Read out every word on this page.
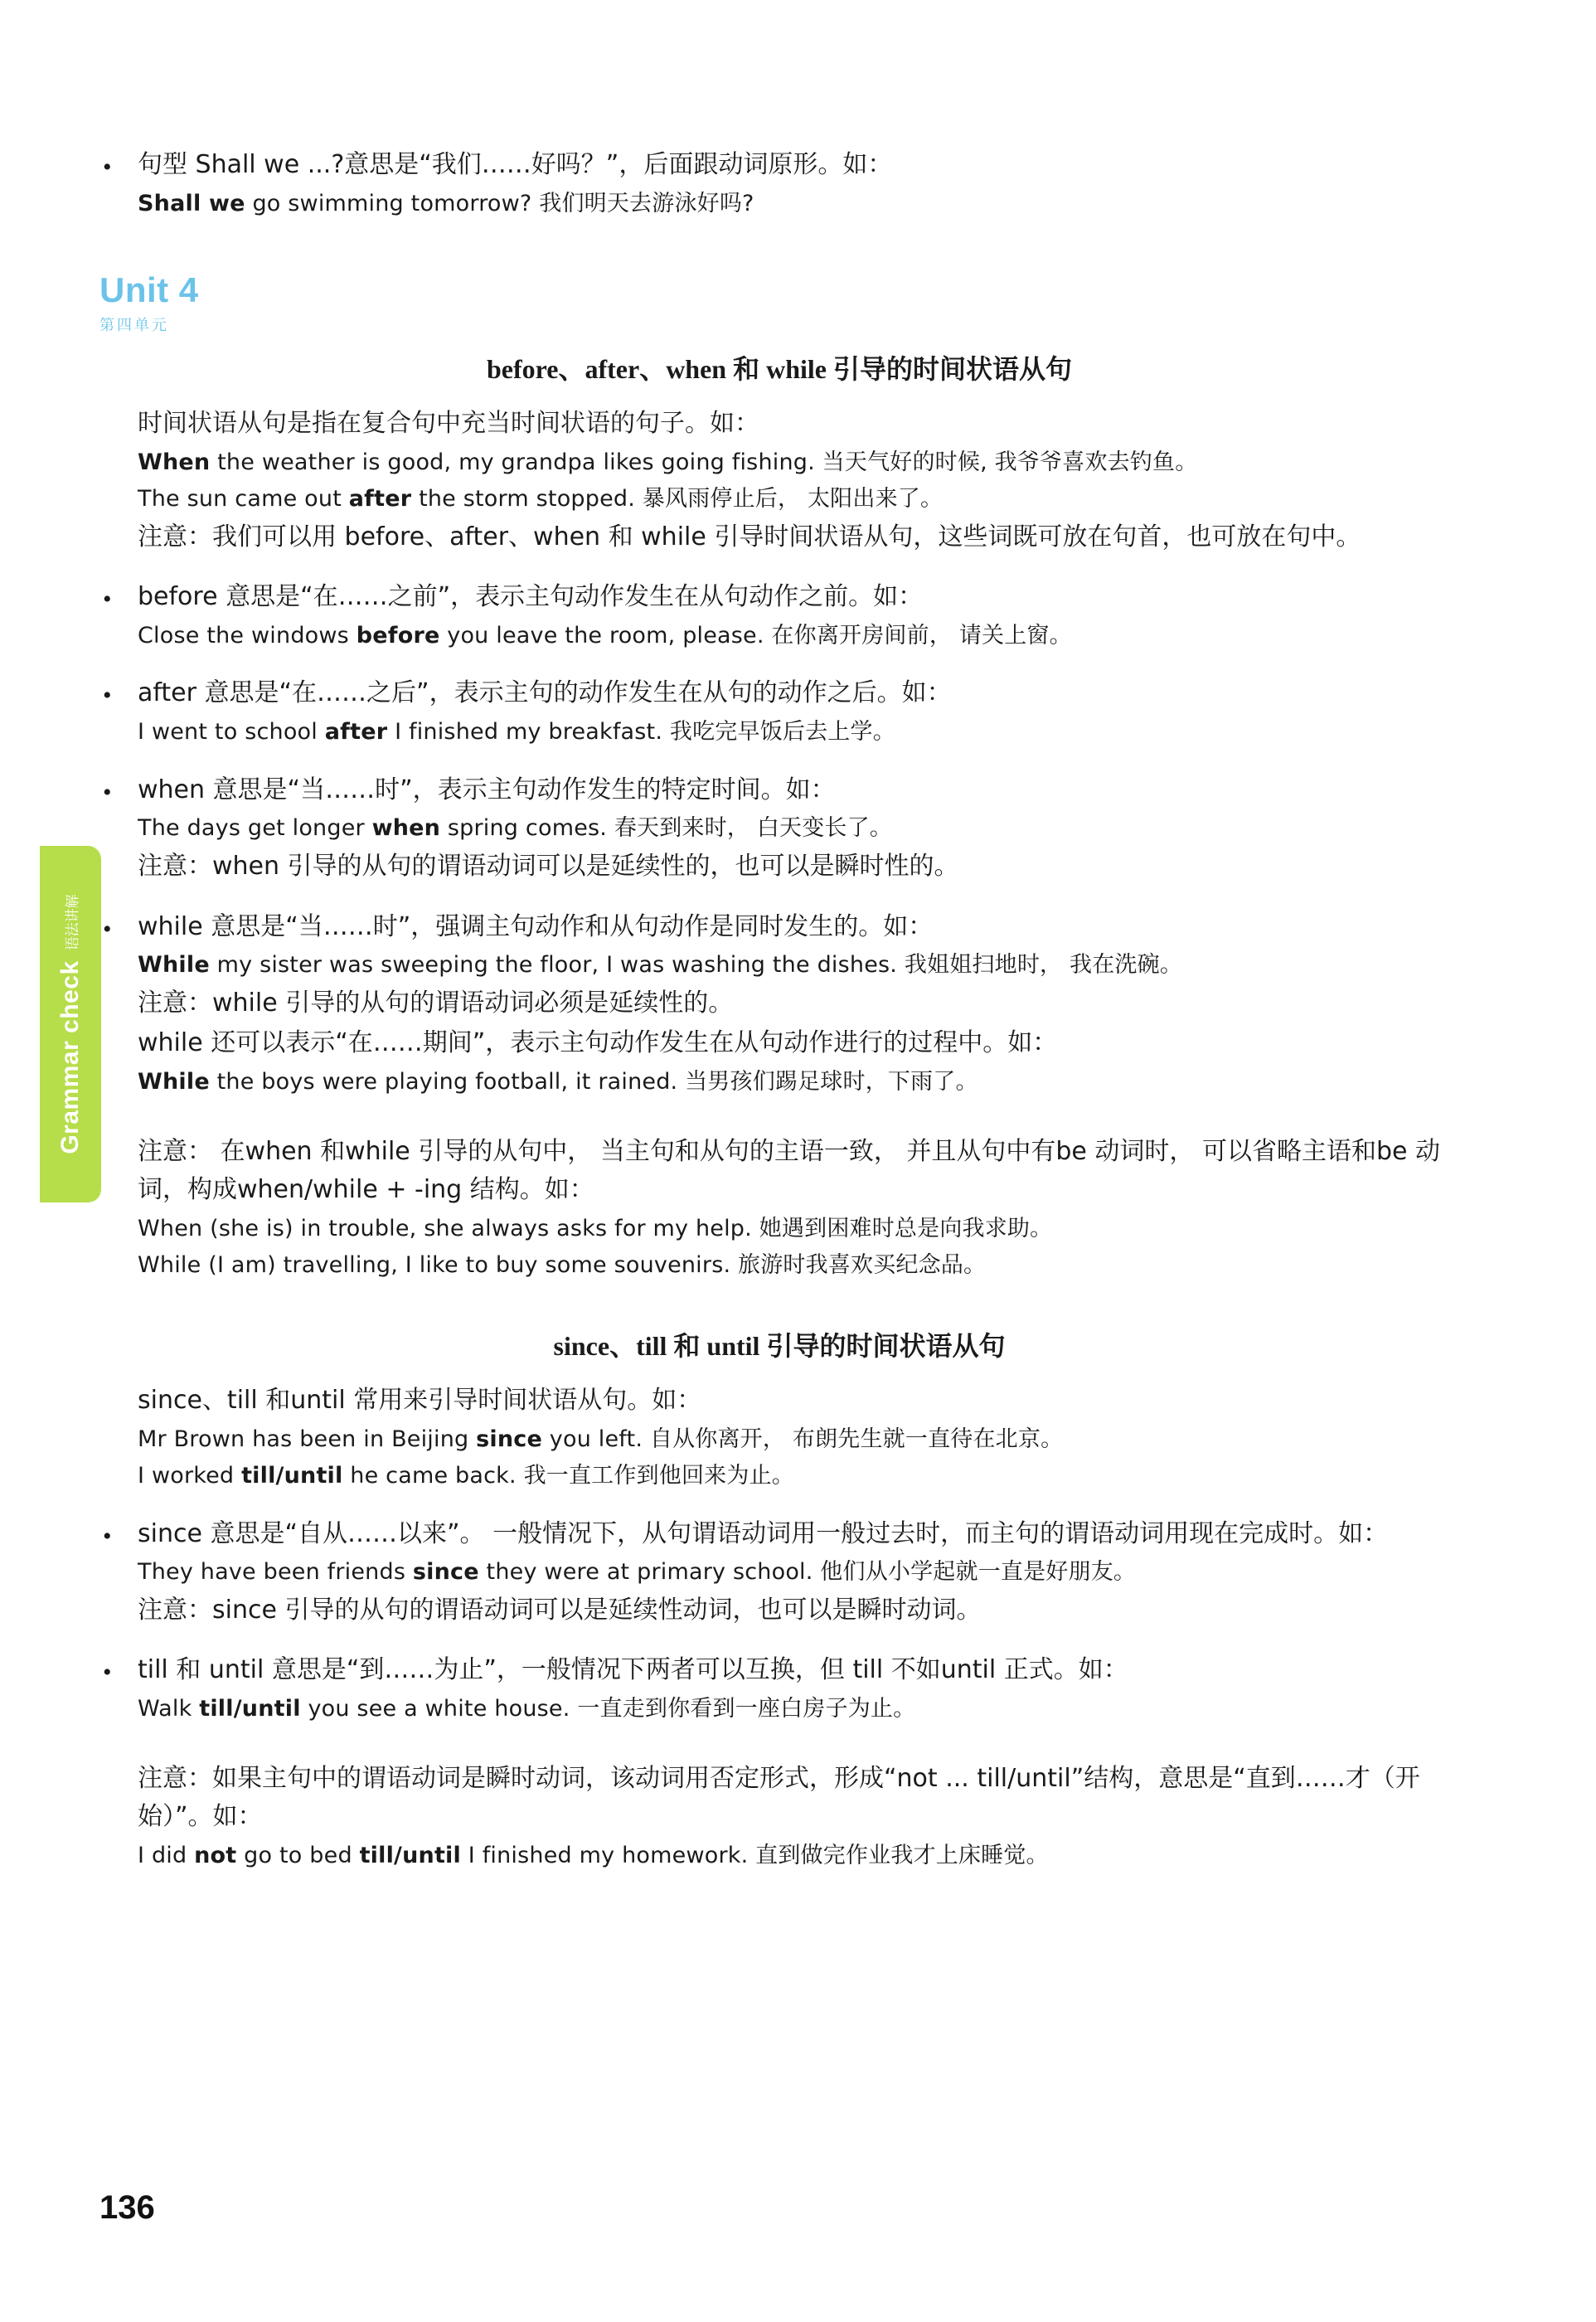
Grammar check
语法讲解
•	句型 Shall we ...?意思是“我们……好吗？”，后面跟动词原形。如：

Shall we go swimming tomorrow? 我们明天去游泳好吗?

Unit 4
第四单元
before、after、when 和 while 引导的时间状语从句

时间状语从句是指在复合句中充当时间状语的句子。如：

When the weather is good, my grandpa likes going fishing. 当天气好的时候, 我爷爷喜欢去钓鱼。

The sun came out after the storm stopped. 暴风雨停止后， 太阳出来了。

注意：我们可以用 before、after、when 和 while 引导时间状语从句，这些词既可放在句首，也可放在句中。

•	before 意思是“在……之前”，表示主句动作发生在从句动作之前。如：

Close the windows before you leave the room, please. 在你离开房间前， 请关上窗。

•	after 意思是“在……之后”，表示主句的动作发生在从句的动作之后。如：

I went to school after I finished my breakfast. 我吃完早饭后去上学。

•	when 意思是“当……时”，表示主句动作发生的特定时间。如：

The days get longer when spring comes. 春天到来时， 白天变长了。

注意：when 引导的从句的谓语动词可以是延续性的，也可以是瞬时性的。

•	while 意思是“当……时”，强调主句动作和从句动作是同时发生的。如：

While my sister was sweeping the floor, I was washing the dishes. 我姐姐扫地时， 我在洗碗。

注意：while 引导的从句的谓语动词必须是延续性的。

while 还可以表示“在……期间”，表示主句动作发生在从句动作进行的过程中。如：

While the boys were playing football, it rained. 当男孩们踢足球时，下雨了。

注意： 在when 和while 引导的从句中， 当主句和从句的主语一致， 并且从句中有be 动词时， 可以省略主语和be 动词，构成when/while + -ing 结构。如：

When (she is) in trouble, she always asks for my help. 她遇到困难时总是向我求助。

While (I am) travelling, I like to buy some souvenirs. 旅游时我喜欢买纪念品。

since、till 和 until 引导的时间状语从句

since、till 和until 常用来引导时间状语从句。如：

Mr Brown has been in Beijing since you left. 自从你离开， 布朗先生就一直待在北京。

I worked till/until he came back. 我一直工作到他回来为止。

•	since 意思是“自从……以来”。 一般情况下，从句谓语动词用一般过去时，而主句的谓语动词用现在完成时。如：

They have been friends since they were at primary school. 他们从小学起就一直是好朋友。

注意：since 引导的从句的谓语动词可以是延续性动词，也可以是瞬时动词。

•	till 和 until 意思是“到……为止”，一般情况下两者可以互换，但 till 不如until 正式。如：

Walk till/until you see a white house. 一直走到你看到一座白房子为止。

注意：如果主句中的谓语动词是瞬时动词，该动词用否定形式，形成“not ... till/until”结构，意思是“直到……才（开始）”。如：

I did not go to bed till/until I finished my homework. 直到做完作业我才上床睡觉。

136
